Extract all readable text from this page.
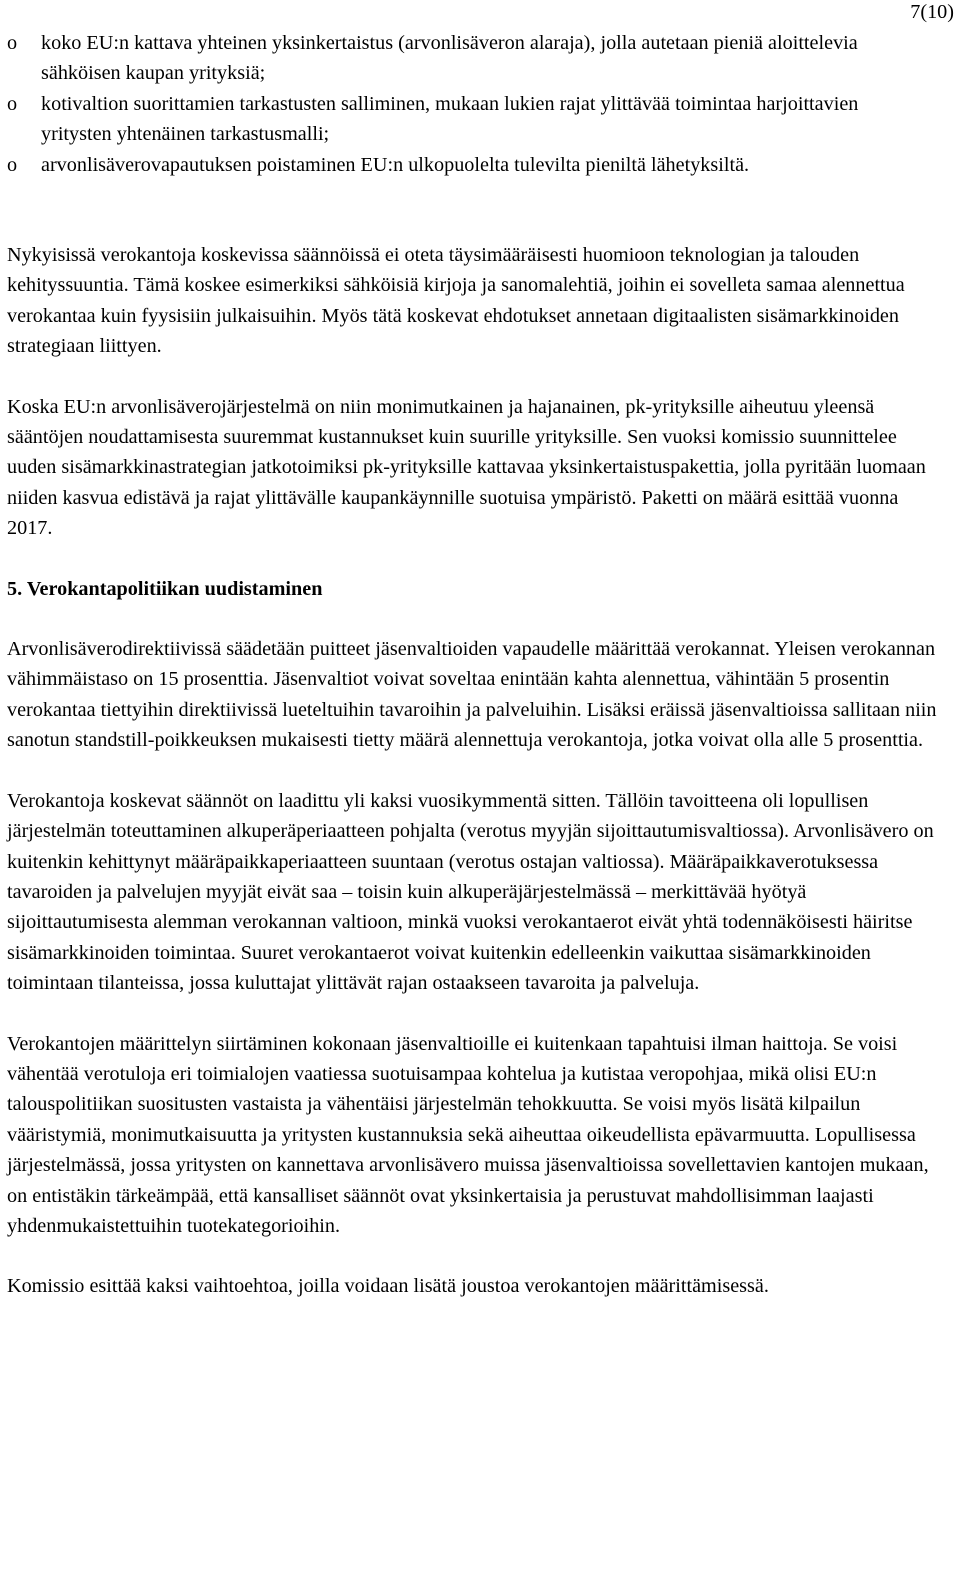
7(10)
o koko EU:n kattava yhteinen yksinkertaistus (arvonlisäveron alaraja), jolla autetaan pieniä aloittelevia sähköisen kaupan yrityksiä;
o kotivaltion suorittamien tarkastusten salliminen, mukaan lukien rajat ylittävää toimintaa harjoittavien yritysten yhtenäinen tarkastusmalli;
o arvonlisäverovapautuksen poistaminen EU:n ulkopuolelta tulevilta pieniltä lähetyksiltä.

Nykyisissä verokantoja koskevissa säännöissä ei oteta täysimääräisesti huomioon teknologian ja talouden kehityssuuntia. Tämä koskee esimerkiksi sähköisiä kirjoja ja sanomalehtiä, joihin ei sovelleta samaa alennettua verokantaa kuin fyysisiin julkaisuihin. Myös tätä koskevat ehdotukset annetaan digitaalisten sisämarkkinoiden strategiaan liittyen.

Koska EU:n arvonlisäverojärjestelmä on niin monimutkainen ja hajanainen, pk-yrityksille aiheutuu yleensä sääntöjen noudattamisesta suuremmat kustannukset kuin suurille yrityksille. Sen vuoksi komissio suunnittelee uuden sisämarkkinastrategian jatkotoimiksi pk-yrityksille kattavaa yksinkertaistuspakettia, jolla pyritään luomaan niiden kasvua edistävä ja rajat ylittävälle kaupankäynnille suotuisa ympäristö. Paketti on määrä esittää vuonna 2017.

5. Verokantapolitiikan uudistaminen

Arvonlisäverodirektiivissä säädetään puitteet jäsenvaltioiden vapaudelle määrittää verokannat. Yleisen verokannan vähimmäistaso on 15 prosenttia. Jäsenvaltiot voivat soveltaa enintään kahta alennettua, vähintään 5 prosentin verokantaa tiettyihin direktiivissä lueteltuihin tavaroihin ja palveluihin. Lisäksi eräissä jäsenvaltioissa sallitaan niin sanotun standstill-poikkeuksen mukaisesti tietty määrä alennettuja verokantoja, jotka voivat olla alle 5 prosenttia.

Verokantoja koskevat säännöt on laadittu yli kaksi vuosikymmentä sitten. Tällöin tavoitteena oli lopullisen järjestelmän toteuttaminen alkuperäperiaatteen pohjalta (verotus myyjän sijoittautumisvaltiossa). Arvonlisävero on kuitenkin kehittynyt määräpaikkaperiaatteen suuntaan (verotus ostajan valtiossa). Määräpaikkaverotuksessa tavaroiden ja palvelujen myyjät eivät saa – toisin kuin alkuperäjärjestelmässä – merkittävää hyötyä sijoittautumisesta alemman verokannan valtioon, minkä vuoksi verokantaerot eivät yhtä todennäköisesti häiritse sisämarkkinoiden toimintaa. Suuret verokantaerot voivat kuitenkin edelleenkin vaikuttaa sisämarkkinoiden toimintaan tilanteissa, jossa kuluttajat ylittävät rajan ostaakseen tavaroita ja palveluja.

Verokantojen määrittelyn siirtäminen kokonaan jäsenvaltioille ei kuitenkaan tapahtuisi ilman haittoja. Se voisi vähentää verotuloja eri toimialojen vaatiessa suotuisampaa kohtelua ja kutistaa veropohjaa, mikä olisi EU:n talouspolitiikan suositusten vastaista ja vähentäisi järjestelmän tehokkuutta. Se voisi myös lisätä kilpailun vääristymiä, monimutkaisuutta ja yritysten kustannuksia sekä aiheuttaa oikeudellista epävarmuutta. Lopullisessa järjestelmässä, jossa yritysten on kannettava arvonlisävero muissa jäsenvaltioissa sovellettavien kantojen mukaan, on entistäkin tärkeämpää, että kansalliset säännöt ovat yksinkertaisia ja perustuvat mahdollisimman laajasti yhdenmukaistettuihin tuotekategorioihin.

Komissio esittää kaksi vaihtoehtoa, joilla voidaan lisätä joustoa verokantojen määrittämisessä.
